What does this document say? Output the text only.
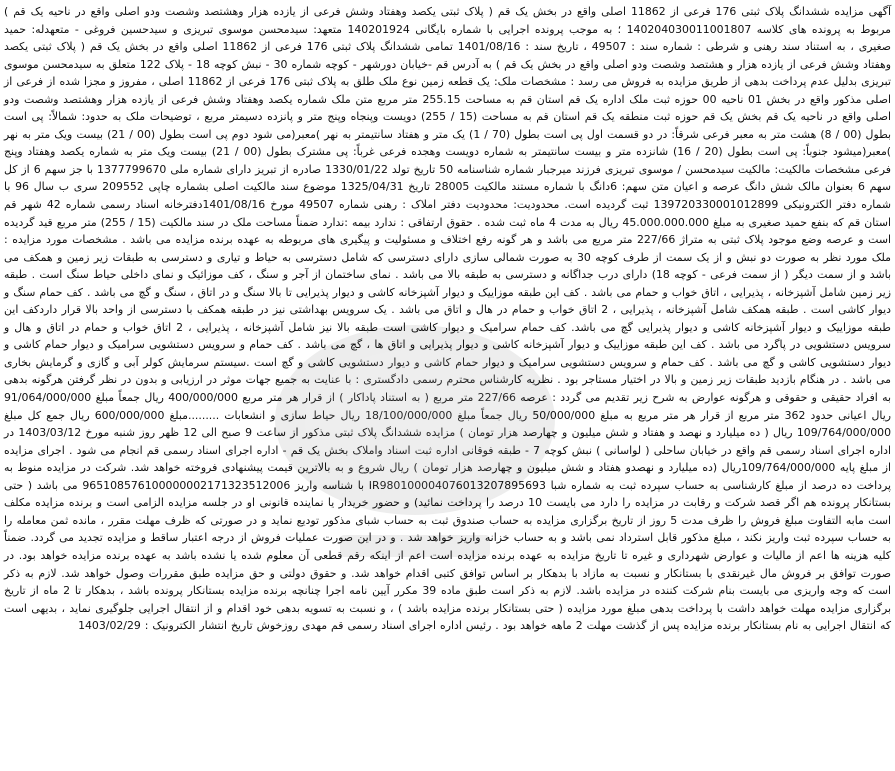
آگهی مزایده ششدانگ پلاک ثبتی 176 فرعی از 11862 اصلی واقع در بخش یک قم ( پلاک ثبتی یکصد وهفتاد وشش فرعی از یازده هزار وهشتصد وشصت ودو اصلی واقع در ناحیه یک قم ) مربوط به پرونده های کلاسه 140204030011001807 ؛ به موجب پرونده اجرایی با شماره بایگانی 140201924 متعهد: سیدمحسن موسوی تبریزی و سیدحسین فروغی - متعهدله: حمید صغیری ، به استناد سند رهنی و شرطی : شماره سند : 49507 ، تاریخ سند : 1401/08/16 تمامی ششدانگ پلاک ثبتی 176 فرعی از 11862 اصلی واقع در بخش یک قم ( پلاک ثبتی یکصد وهفتاد وشش فرعی از یازده هزار و هشتصد وشصت ودو اصلی واقع در بخش یک قم ) به آدرس قم -خیابان دورشهر - کوچه شماره 30 - نبش کوچه 18 - پلاک 122 متعلق به سیدمحسن موسوی تبریزی بدلیل عدم پرداخت بدهی از طریق مزایده به فروش می رسد : مشخصات ملک: یک قطعه زمین نوع ملک طلق به پلاک ثبتی 176 فرعی از 11862 اصلی ، مفروز و مجزا شده از فرعی از اصلی مذکور واقع در بخش 01 ناحیه 00 حوزه ثبت ملک اداره یک قم استان قم به مساحت 255.15 متر مربع متن ملک شماره یکصد وهفتاد وشش فرعی از یازده هزار وهشتصد وشصت ودو اصلی واقع در ناحیه یک قم بخش یک قم حوزه ثبت منطقه یک قم استان قم به مساحت (15 / 255) دویست وپنجاه وپنج متر و پانزده دسیمتر مربع ، توضیحات ملک به حدود: شمالاً: پی است بطول (00 / 8) هشت متر به معبر فرعی شرقاً: در دو قسمت اول پی است بطول (70 / 1) یک متر و هفتاد سانتیمتر به نهر )معبر(می شود دوم پی است بطول (00 / 21) بیست ویک متر به نهر )معبر(میشود جنوباً: پی است بطول (20 / 16) شانزده متر و بیست سانتیمتر به شماره دویست وهجده فرعی غرباً: پی مشترک بطول (00 / 21) بیست ویک متر به شماره یکصد وهفتاد وپنج فرعی مشخصات مالکیت: مالکیت سیدمحسن / موسوی تبریزی فرزند میرجبار شماره شناسنامه 50 تاریخ تولد 1330/01/22 صادره از تبریز دارای شماره ملی 1377799670 با جز سهم 6 از کل سهم 6 بعنوان مالک شش دانگ عرصه و اعیان متن سهم: 6دانگ با شماره مستند مالکیت 28005 تاریخ 1325/04/31 موضوع سند مالکیت اصلی بشماره چاپی 209552 سری ب سال 96 با شماره دفتر الکترونیکی 139720330001012899 ثبت گردیده است. محدودیت: محدودیت دفتر املاک : رهنی شماره 49507 مورخ 1401/08/16دفترخانه اسناد رسمی شماره 42 شهر قم استان قم که بنفع حمید صغیری به مبلغ 45.000.000.000 ریال به مدت 4 ماه ثبت شده . حقوق ارتفاقی : ندارد بیمه :ندارد ضمناً مساحت ملک در سند مالکیت (15 / 255) متر مربع قید گردیده است و عرصه وضع موجود پلاک ثبتی به متراژ 227/66 متر مربع می باشد و هر گونه رفع اختلاف و مسئولیت و پیگیری های مربوطه به عهده برنده مزایده می باشد . مشخصات مورد مزایده : ملک مورد نظر به صورت دو نبش و از یک سمت از طرف کوچه 30 به صورت شمالی سازی دارای دسترسی که شامل دسترسی به حیاط و تیاری و دسترسی به طبقات زیر زمین و همکف می باشد و از سمت دیگر ( از سمت فرعی - کوچه 18) دارای درب جداگانه و دسترسی به طبقه بالا می باشد . نمای ساختمان از آجر و سنگ ، کف موزائیک و نمای داخلی حیاط سنگ است . طبقه زیر زمین شامل آشپزخانه ، پذیرایی ، اتاق خواب و حمام می باشد . کف این طبقه موزاییک و دیوار آشپزخانه کاشی و دیوار پذیرایی تا بالا سنگ و در اتاق ، سنگ و گچ می باشد . کف حمام سنگ و دیوار کاشی است . طبقه همکف شامل آشپزخانه ، پذیرایی ، 2 اتاق خواب و حمام در هال و اتاق می باشد . یک سرویس بهداشتی نیز در طبقه همکف با دسترسی از واحد بالا قرار داردکف این طبقه موزاییک و دیوار آشپزخانه کاشی و دیوار پذیرایی گچ می باشد. کف حمام سرامیک و دیوار کاشی است طبقه بالا نیز شامل آشپزخانه ، پذیرایی ، 2 اتاق خواب و حمام در اتاق و هال و سرویس دستشویی در پاگرد می باشد . کف این طبقه موزاییک و دیوار آشپزخانه کاشی و دیوار پذیرایی و اتاق ها ، گچ می باشد . کف حمام و سرویس دستشویی سرامیک و دیوار حمام کاشی و دیوار دستشویی کاشی و گچ می باشد . کف حمام و سرویس دستشویی سرامیک و دیوار حمام کاشی و دیوار دستشویی کاشی و گچ است .سیستم سرمایش کولر آبی و گازی و گرمایش بخاری می باشد . در هنگام بازدید طبقات زیر زمین و بالا در اختیار مستاجر بود . نظریه کارشناس محترم رسمی دادگستری : با عنایت به جمیع جهات موثر در ارزیابی و بدون در نظر گرفتن هرگونه بدهی به افراد حقیقی و حقوقی و هرگونه عوارض به شرح زیر تقدیم می گردد : عرصه 227/66 متر مربع ( به استناد پاداکار ) از قرار هر متر مربع 400/000/000 ریال جمعاً مبلغ 91/064/000/000 ریال اعیانی حدود 362 متر مربع از قرار هر متر مربع به مبلغ 50/000/000 ریال جمعاً مبلغ 18/100/000/000 ریال حیاط سازی و انشعابات .........مبلغ 600/000/000 ریال جمع کل مبلغ 109/764/000/000 ریال ( ده میلیارد و نهصد و هفتاد و شش میلیون و چهارصد هزار تومان ) مزایده ششدانگ پلاک ثبتی مذکور از ساعت 9 صبح الی 12 ظهر روز شنبه مورخ 1403/03/12 در اداره اجرای اسناد رسمی قم واقع در خیابان ساحلی ( لواسانی ) نبش کوچه 7 - طبقه فوقانی اداره ثبت اسناد واملاک بخش یک قم - اداره اجرای اسناد رسمی قم انجام می شود . اجرای مزایده از مبلغ پایه 109/764/000/000ریال (ده میلیارد و نهصدو هفتاد و شش میلیون و چهارصد هزار تومان ) ریال شروع و به بالاترین قیمت پیشنهادی فروخته خواهد شد. شرکت در مزایده منوط به پرداخت ده درصد از مبلغ کارشناسی به حساب سپرده ثبت به شماره شبا IR980100004076013207895693 با شناسه واریز 965108576100000002171323512006 می باشد ( حتی بستانکار پرونده هم اگر قصد شرکت و رقابت در مزایده را دارد می بایست 10 درصد را پرداخت نمائید) و حضور خریدار یا نماینده قانونی او در جلسه مزایده الزامی است و برنده مزایده مکلف است مابه التفاوت مبلغ فروش را ظرف مدت 5 روز از تاریخ برگزاری مزایده به حساب صندوق ثبت به حساب شبای مذکور تودیع نماید و در صورتی که ظرف مهلت مقرر ، مانده ثمن معامله را به حساب سپرده ثبت واریز نکند ، مبلغ مذکور قابل استرداد نمی باشد و به حساب خزانه واریز خواهد شد . و در این صورت عملیات فروش از درجه اعتبار ساقط و مزایده تجدید می گردد. ضمناً کلیه هزینه ها اعم از مالیات و عوارض شهرداری و غیره تا تاریخ مزایده به عهده برنده مزایده است اعم از اینکه رقم قطعی آن معلوم شده یا نشده باشد به عهده برنده مزایده خواهد بود. در صورت توافق بر فروش مال غیرنقدی با بستانکار و نسبت به مازاد با بدهکار بر اساس توافق کتبی اقدام خواهد شد. و حقوق دولتی و حق مزایده طبق مقررات وصول خواهد شد. لازم به ذکر است که وجه واریزی می بایست بنام شرکت کننده در مزایده باشد. لازم به ذکر است طبق ماده 39 مکرر آیین نامه اجرا چنانچه برنده مزایده بستانکار پرونده باشد ، بدهکار تا 2 ماه از تاریخ برگزاری مزایده مهلت خواهد داشت با پرداخت بدهی مبلغ مورد مزایده ( حتی بستانکار برنده مزایده باشد ) ، و نسبت به تسویه بدهی خود اقدام و از انتقال اجرایی جلوگیری نماید ، بدیهی است که انتقال اجرایی به نام بستانکار برنده مزایده پس از گذشت مهلت 2 ماهه خواهد بود . رئیس اداره اجرای اسناد رسمی قم مهدی روزخوش تاریخ انتشار الکترونیک : 1403/02/29
